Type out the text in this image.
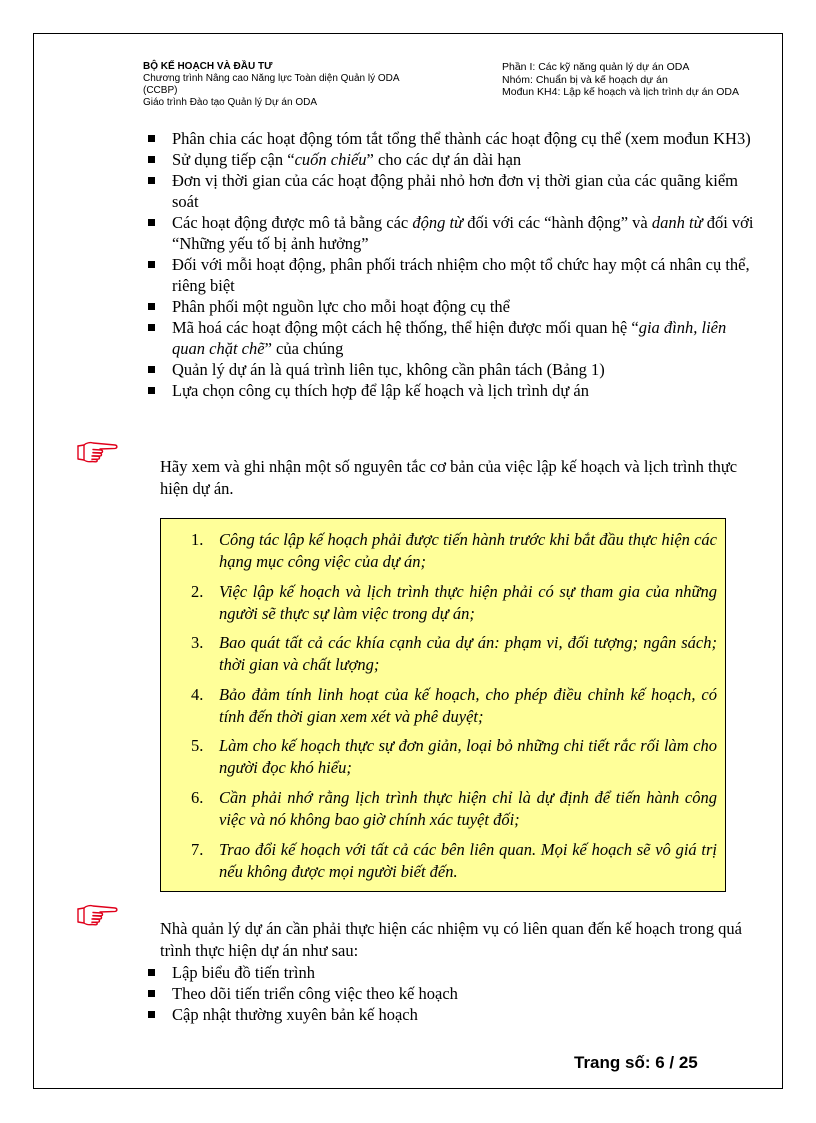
BỘ KẾ HOẠCH VÀ ĐẦU TƯ
Chương trình Nâng cao Năng lực Toàn diện Quản lý ODA
(CCBP)
Giáo trình Đào tạo Quản lý Dự án ODA
Phần I: Các kỹ năng quản lý dự án ODA
Nhóm: Chuẩn bị và kế hoạch dự án
Mođun KH4: Lập kế hoạch và lịch trình dự án ODA
Phân chia các hoạt động tóm tắt tổng thể thành các hoạt động cụ thể (xem mođun KH3)
Sử dụng tiếp cận “cuốn chiếu” cho các dự án dài hạn
Đơn vị thời gian của các hoạt động phải nhỏ hơn đơn vị thời gian của các quãng kiểm soát
Các hoạt động được mô tả bằng các động từ đối với các “hành động” và danh từ đối với “Những yếu tố bị ảnh hưởng”
Đối với mỗi hoạt động, phân phối trách nhiệm cho một tổ chức hay một cá nhân cụ thể, riêng biệt
Phân phối một nguồn lực cho mỗi hoạt động cụ thể
Mã hoá các hoạt động một cách hệ thống, thể hiện được mối quan hệ “gia đình, liên quan chặt chẽ” của chúng
Quản lý dự án là quá trình liên tục, không cần phân tách (Bảng 1)
Lựa chọn công cụ thích hợp để lập kế hoạch và lịch trình dự án
Hãy xem và ghi nhận một số nguyên tắc cơ bản của việc lập kế hoạch và lịch trình thực hiện dự án.
1. Công tác lập kế hoạch phải được tiến hành trước khi bắt đầu thực hiện các hạng mục công việc của dự án;
2. Việc lập kế hoạch và lịch trình thực hiện phải có sự tham gia của những người sẽ thực sự làm việc trong dự án;
3. Bao quát tất cả các khía cạnh của dự án: phạm vi, đối tượng; ngân sách; thời gian và chất lượng;
4. Bảo đảm tính linh hoạt của kế hoạch, cho phép điều chỉnh kế hoạch, có tính đến thời gian xem xét và phê duyệt;
5. Làm cho kế hoạch thực sự đơn giản, loại bỏ những chi tiết rắc rối làm cho người đọc khó hiểu;
6. Cần phải nhớ rằng lịch trình thực hiện chỉ là dự định để tiến hành công việc và nó không bao giờ chính xác tuyệt đối;
7. Trao đổi kế hoạch với tất cả các bên liên quan. Mọi kế hoạch sẽ vô giá trị nếu không được mọi người biết đến.
Nhà quản lý dự án cần phải thực hiện các nhiệm vụ có liên quan đến kế hoạch trong quá trình thực hiện dự án như sau:
Lập biểu đồ tiến trình
Theo dõi tiến triển công việc theo kế hoạch
Cập nhật thường xuyên bản kế hoạch
Trang số: 6 / 25
